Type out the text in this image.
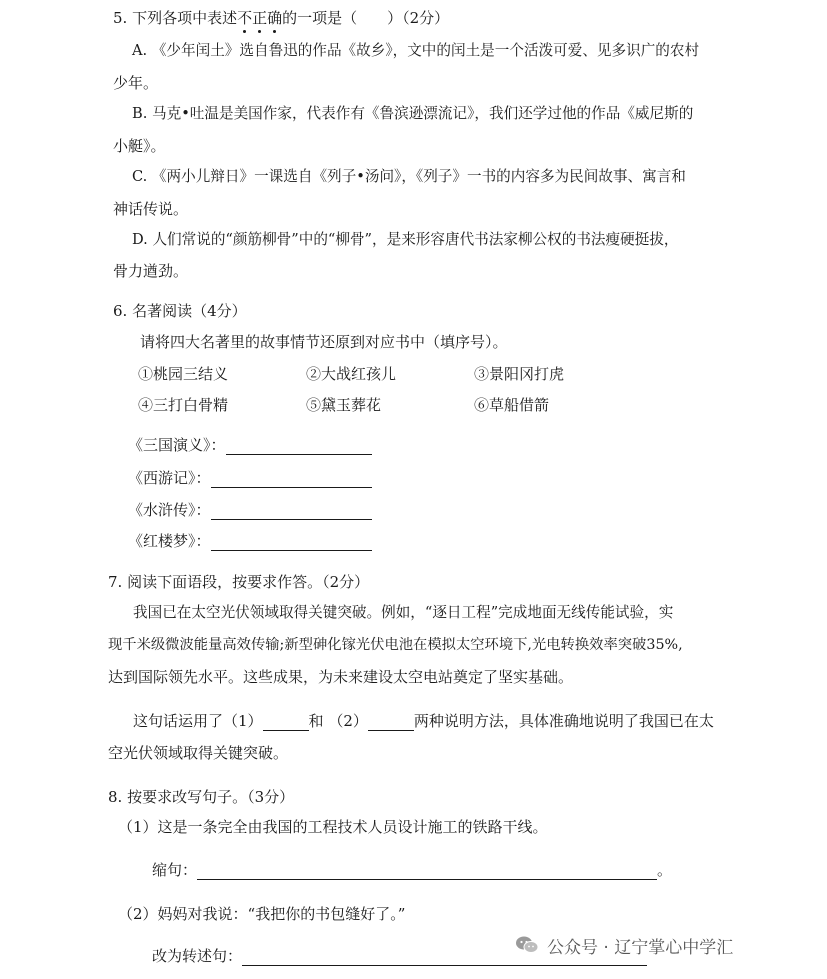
5. 下列各项中表述不正确的一项是（　　）（2分）
A. 《少年闰土》选自鲁迅的作品《故乡》，文中的闰土是一个活泼可爱、见多识广的农村
少年。
B. 马克•吐温是美国作家，代表作有《鲁滨逊漂流记》，我们还学过他的作品《威尼斯的
小艇》。
C. 《两小儿辩日》一课选自《列子•汤问》，《列子》一书的内容多为民间故事、寓言和
神话传说。
D. 人们常说的“颜筋柳骨”中的“柳骨”，是来形容唐代书法家柳公权的书法瘦硬挺拔，
骨力遒劲。
6. 名著阅读（4分）
请将四大名著里的故事情节还原到对应书中（填序号）。
①桃园三结义	②大战红孩儿	③景阳冈打虎
④三打白骨精	⑤黛玉葬花	⑥草船借箭
《三国演义》：
《西游记》：
《水浒传》：
《红楼梦》：
7. 阅读下面语段，按要求作答。（2分）
我国已在太空光伏领域取得关键突破。例如，“逐日工程”完成地面无线传能试验，实
现千米级微波能量高效传输;新型砷化镓光伏电池在模拟太空环境下,光电转换效率突破35%,
达到国际领先水平。这些成果，为未来建设太空电站奠定了坚实基础。
这句话运用了（1）	和 （2）	两种说明方法，具体准确地说明了我国已在太
空光伏领域取得关键突破。
8. 按要求改写句子。（3分）
（1）这是一条完全由我国的工程技术人员设计施工的铁路干线。
缩句：	。
（2）妈妈对我说：“我把你的书包缝好了。”
改为转述句：	公众号 · 辽宁掌心中学汇
